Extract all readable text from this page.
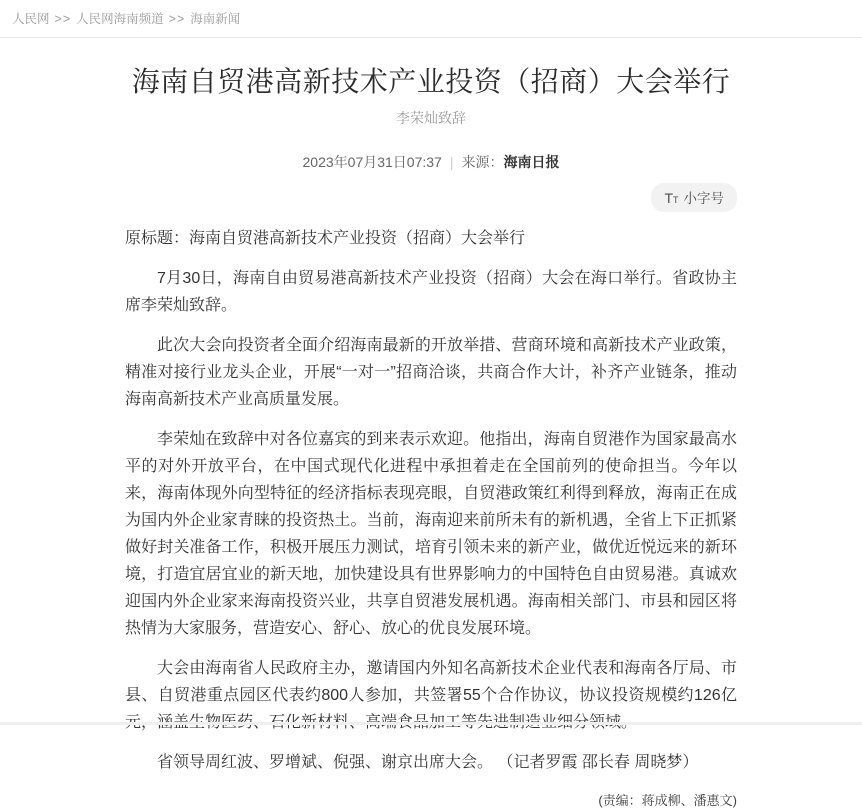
人民网 >> 人民网海南频道 >> 海南新闻
海南自贸港高新技术产业投资（招商）大会举行
李荣灿致辞
2023年07月31日07:37 | 来源：海南日报
T T 小字号

原标题：海南自贸港高新技术产业投资（招商）大会举行

7月30日，海南自由贸易港高新技术产业投资（招商）大会在海口举行。省政协主席李荣灿致辞。

此次大会向投资者全面介绍海南最新的开放举措、营商环境和高新技术产业政策，精准对接行业龙头企业，开展“一对一”招商洽谈，共商合作大计，补齐产业链条，推动海南高新技术产业高质量发展。

李荣灿在致辞中对各位嘉宾的到来表示欢迎。他指出，海南自贸港作为国家最高水平的对外开放平台，在中国式现代化进程中承担着走在全国前列的使命担当。今年以来，海南体现外向型特征的经济指标表现亮眼，自贸港政策红利得到释放，海南正在成为国内外企业家青睐的投资热土。当前，海南迎来前所未有的新机遇，全省上下正抓紧做好封关准备工作，积极开展压力测试，培育引领未来的新产业，做优近悦远来的新环境，打造宜居宜业的新天地，加快建设具有世界影响力的中国特色自由贸易港。真诚欢迎国内外企业家来海南投资兴业，共享自贸港发展机遇。海南相关部门、市县和园区将热情为大家服务，营造安心、舒心、放心的优良发展环境。

大会由海南省人民政府主办，邀请国内外知名高新技术企业代表和海南各厅局、市县、自贸港重点园区代表约800人参加，共签署55个合作协议，协议投资规模约126亿

省领导周红波、罗增斌、倪强、谢京出席大会。 （记者罗霞 邵长春 周晓梦）

(责编：蒋成柳、潘惠文)
